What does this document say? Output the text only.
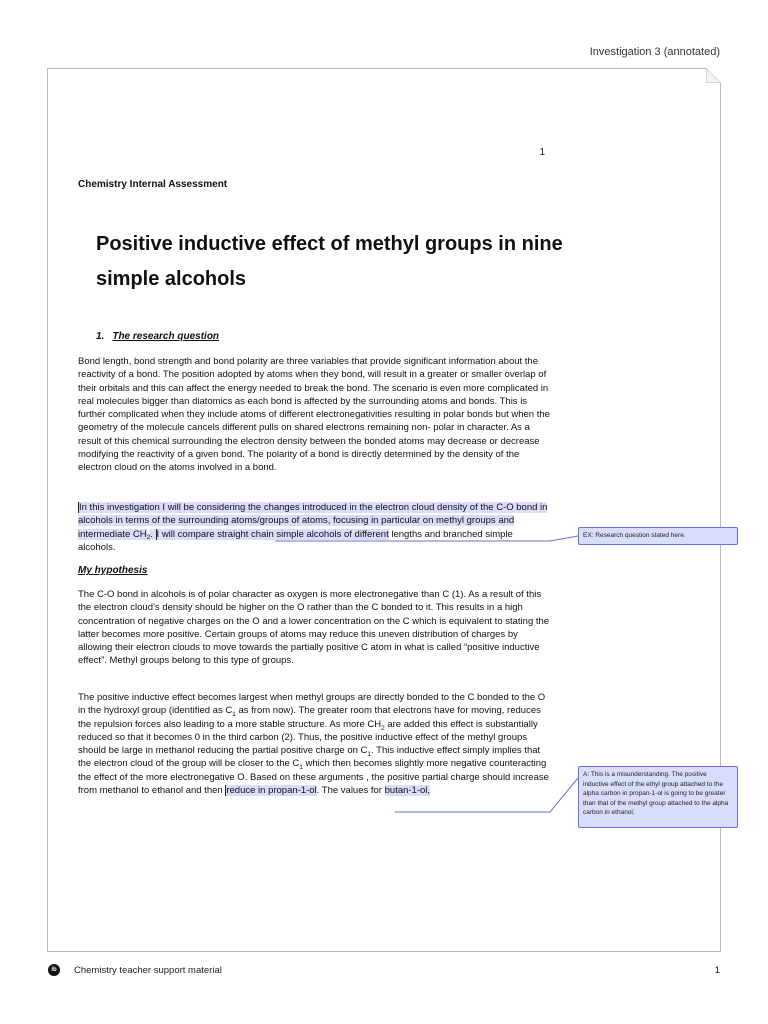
Investigation 3 (annotated)
1
Chemistry Internal Assessment
Positive inductive effect of methyl groups in nine simple alcohols
1. The research question

Bond length, bond strength and bond polarity are three variables that provide significant information about the reactivity of a bond. The position adopted by atoms when they bond, will result in a greater or smaller overlap of their orbitals and this can affect the energy needed to break the bond. The scenario is even more complicated in real molecules bigger than diatomics as each bond is affected by the surrounding atoms and bonds. This is further complicated when they include atoms of different electronegativities resulting in polar bonds but when the geometry of the molecule cancels different pulls on shared electrons remaining non- polar in character. As a result of this chemical surrounding the electron density between the bonded atoms may decrease or decrease modifying the reactivity of a given bond. The polarity of a bond is directly determined by the density of the electron cloud on the atoms involved in a bond.

In this investigation I will be considering the changes introduced in the electron cloud density of the C-O bond in alcohols in terms of the surrounding atoms/groups of atoms, focusing in particular on methyl groups and intermediate $CH_2$. I will compare straight chain simple alcohols of different lengths and branched simple alcohols.

My hypothesis

The C-O bond in alcohols is of polar character as oxygen is more electronegative than C (1). As a result of this the electron cloud’s density should be higher on the O rather than the C bonded to it. This results in a high concentration of negative charges on the O and a lower concentration on the C which is equivalent to stating the latter becomes more positive. Certain groups of atoms may reduce this uneven distribution of charges by allowing their electron clouds to move towards the partially positive C atom in what is called “positive inductive effect”. Methyl groups belong to this type of groups.

The positive inductive effect becomes largest when methyl groups are directly bonded to the C bonded to the O in the hydroxyl group (identified as $C_1$ as from now). The greater room that electrons have for moving, reduces the repulsion forces also leading to a more stable structure. As more $CH_2$ are added this effect is substantially reduced so that it becomes 0 in the third carbon (2). Thus, the positive inductive effect of the methyl groups should be large in methanol reducing the partial positive charge on $C_1$. This inductive effect simply implies that the electron cloud of the group will be closer to the $C_1$ which then becomes slightly more negative counteracting the effect of the more electronegative O. Based on these arguments , the positive partial charge should increase from methanol to ethanol and then reduce in propan-1-ol. The values for butan-1-ol,

EX: Research question stated here.
A: This is a misunderstanding. The positive inductive effect of the ethyl group attached to the alpha carbon in propan-1-ol is going to be greater than that of the methyl group attached to the alpha carbon in ethanol.
ib	Chemistry teacher support material	1
